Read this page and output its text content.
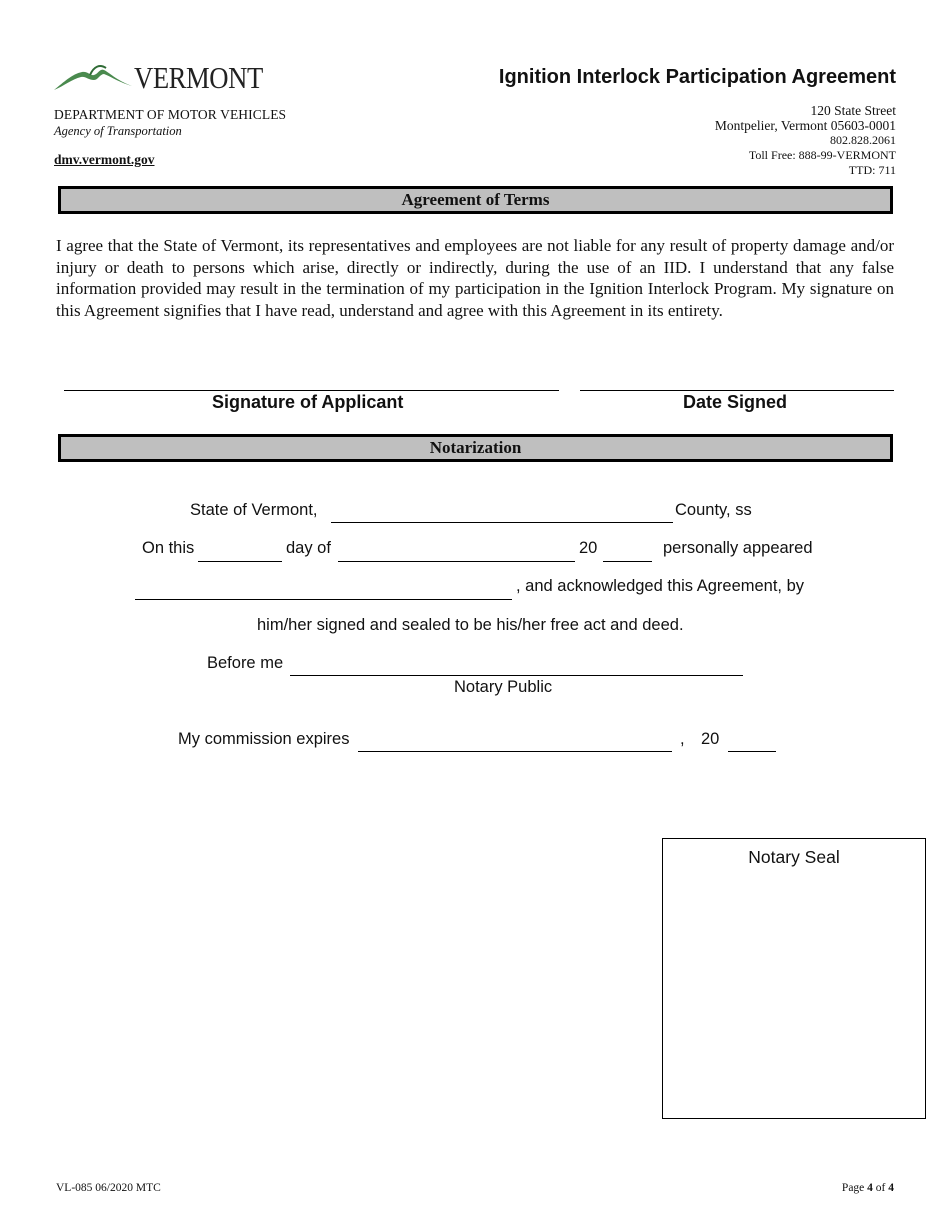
VERMONT
DEPARTMENT OF MOTOR VEHICLES
Agency of Transportation
dmv.vermont.gov
Ignition Interlock Participation Agreement
120 State Street
Montpelier, Vermont 05603-0001
802.828.2061
Toll Free: 888-99-VERMONT
TTD: 711
Agreement of Terms
I agree that the State of Vermont, its representatives and employees are not liable for any result of property damage and/or injury or death to persons which arise, directly or indirectly, during the use of an IID. I understand that any false information provided may result in the termination of my participation in the Ignition Interlock Program. My signature on this Agreement signifies that I have read, understand and agree with this Agreement in its entirety.
Signature of Applicant	Date Signed
Notarization
State of Vermont,	County, ss
On this	day of	20	personally appeared
, and acknowledged this Agreement, by
him/her signed and sealed to be his/her free act and deed.
Before me
Notary Public
My commission expires	, 20
Notary Seal
VL-085 06/2020 MTC	Page 4 of 4
